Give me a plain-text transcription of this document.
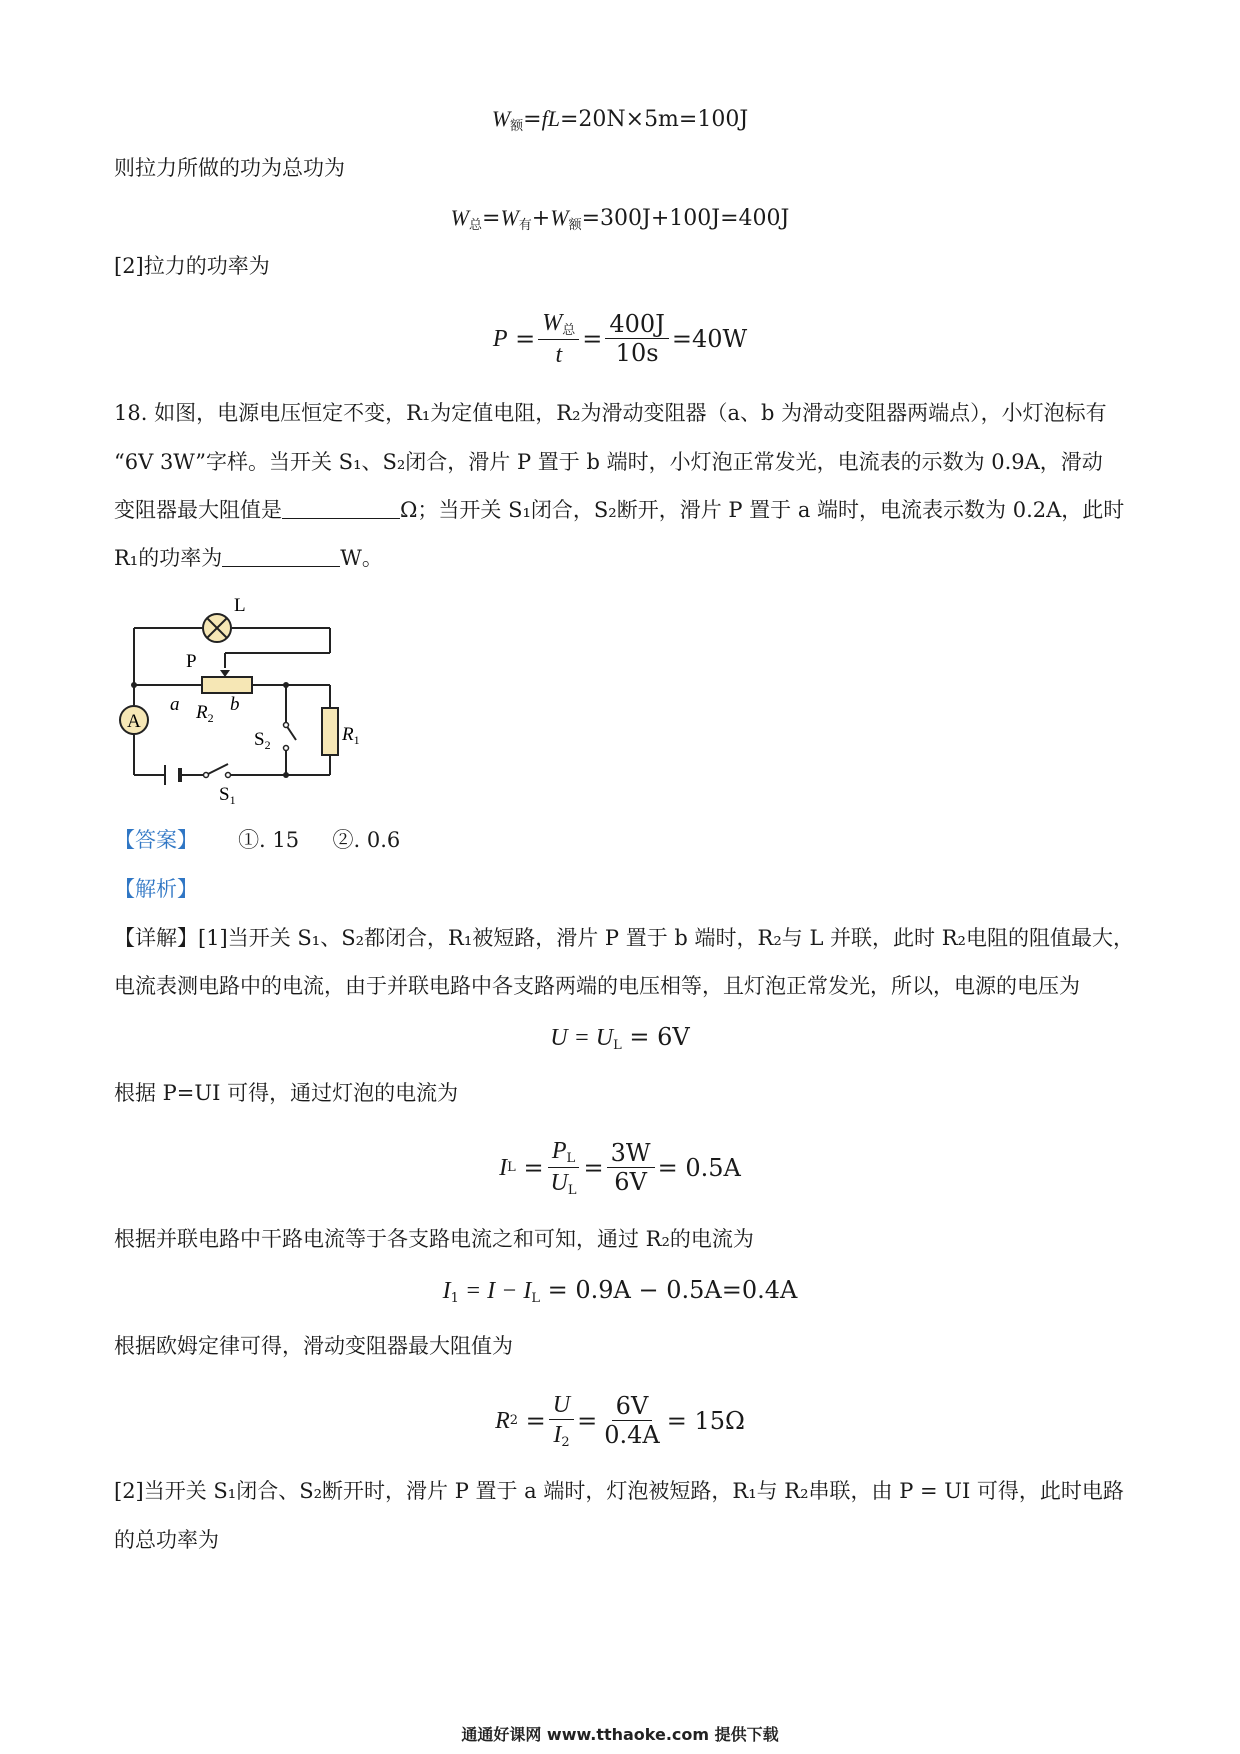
$W_额=fL=20N\times 5m=100J$
则拉力所做的功为总功为
$W_总=W_有+W_额=300J+100J=400J$
[2]拉力的功率为
P
= $\frac{W_总}{t} = \frac{400J}{10s} =40W$
18. 如图，电源电压恒定不变，R₁为定值电阻，R₂为滑动变阻器（a、b 为滑动变阻器两端点），小灯泡标有
“6V 3W”字样。当开关 S₁、S₂闭合，滑片 P 置于 b 端时，小灯泡正常发光，电流表的示数为 0.9A，滑动
变阻器最大阻值是	Ω；当开关 S₁闭合，S₂断开，滑片 P 置于 a 端时，电流表示数为 0.2A，此时
R₁的功率为	W。
L
P
a $R_2$
b
A
$S_2$	$R_1$
$S_1$
【答案】 ①. 15 ②. 0.6
【解析】
【详解】[1]当开关 S₁、S₂都闭合，R₁被短路，滑片 P 置于 b 端时，R₂与 L 并联，此时 R₂电阻的阻值最大，
电流表测电路中的电流，由于并联电路中各支路两端的电压相等，且灯泡正常发光，所以，电源的电压为
$U = U_L = 6V$
根据 P=UI 可得，通过灯泡的电流为
I L
= $\frac{P_L}{U_L} = \frac{3W}{6V} = 0.5A$
根据并联电路中干路电流等于各支路电流之和可知，通过 R₂的电流为
$I_1 = I - I_L = 0.9A - 0.5A=0.4A$
根据欧姆定律可得，滑动变阻器最大阻值为
R 2
= $\frac{U}{I_2} = \frac{6V}{0.4A} = 15\Omega$
[2]当开关 S₁闭合、S₂断开时，滑片 P 置于 a 端时，灯泡被短路，R₁与 R₂串联，由 P = UI 可得，此时电路
的总功率为
通通好课网 www.tthaoke.com 提供下载
